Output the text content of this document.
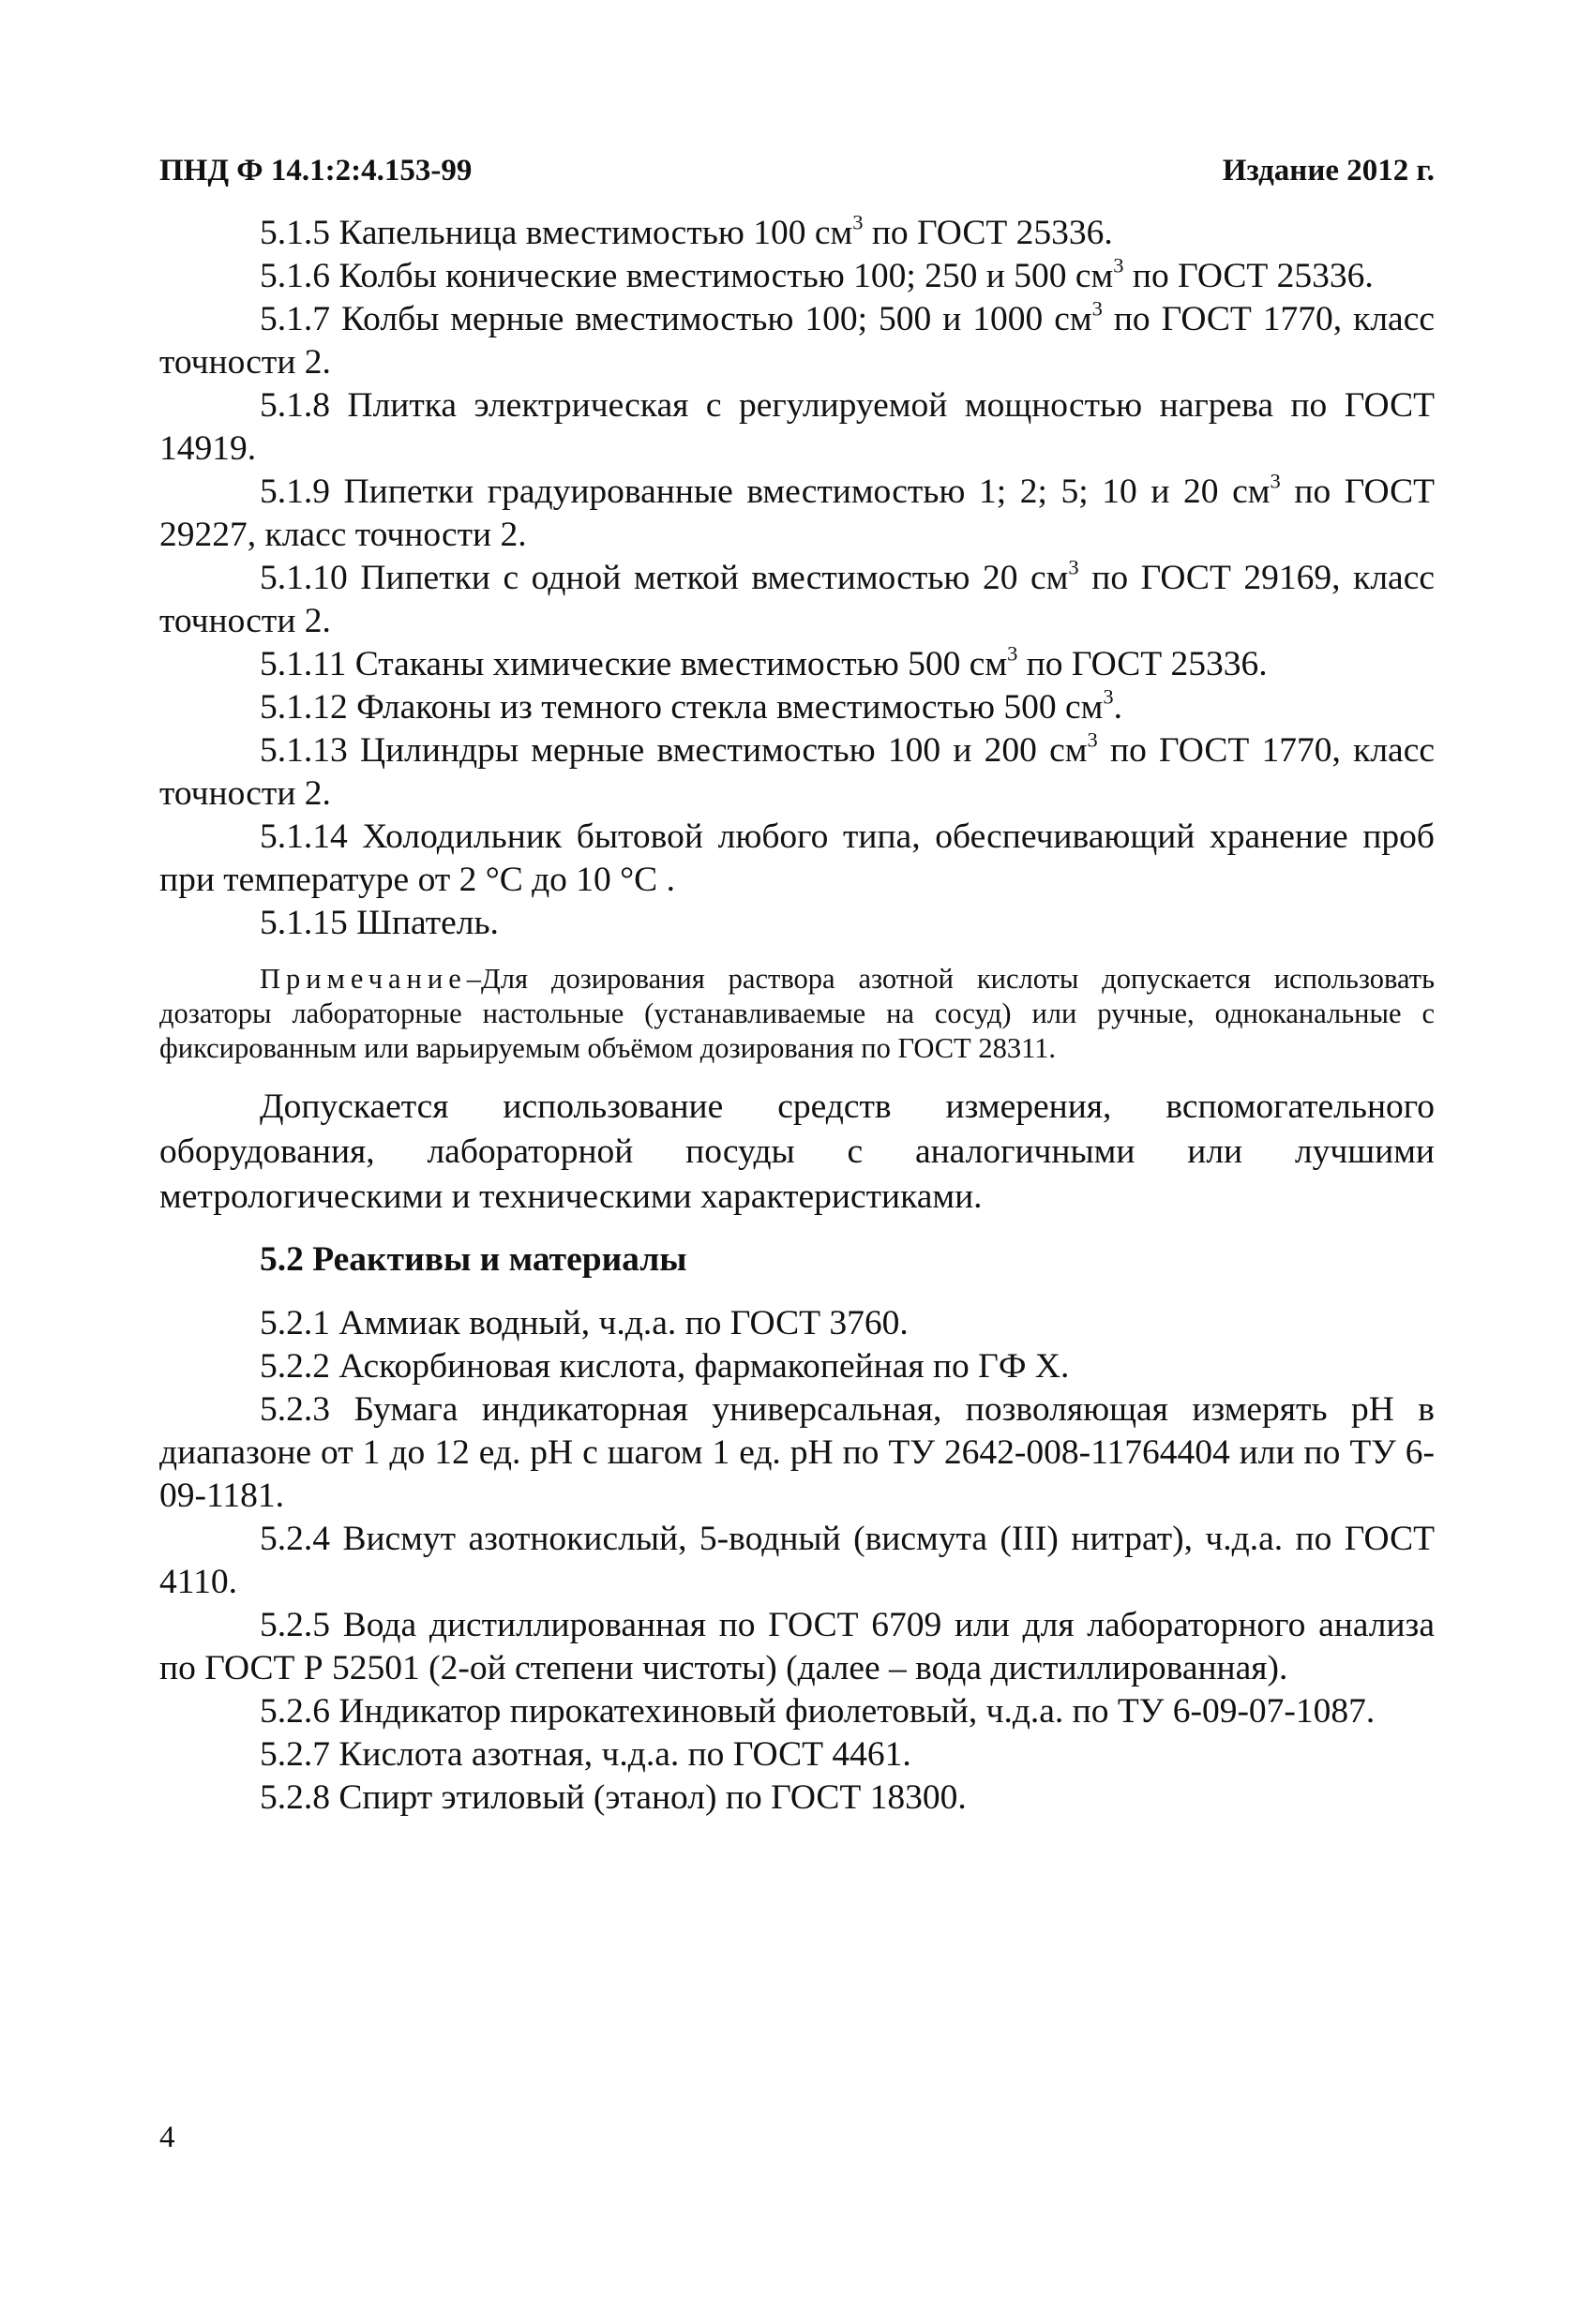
ПНД Ф 14.1:2:4.153-99	Издание 2012 г.

5.1.5 Капельница вместимостью 100 $см^3$ по ГОСТ 25336.

5.1.6 Колбы конические вместимостью 100; 250 и 500 $см^3$ по ГОСТ 25336.

5.1.7 Колбы мерные вместимостью 100; 500 и 1000 $см^3$ по ГОСТ 1770, класс точности 2.

5.1.8 Плитка электрическая с регулируемой мощностью нагрева по ГОСТ 14919.

5.1.9 Пипетки градуированные вместимостью 1; 2; 5; 10 и 20 $см^3$ по ГОСТ 29227, класс точности 2.

5.1.10 Пипетки с одной меткой вместимостью 20 $см^3$ по ГОСТ 29169, класс точности 2.

5.1.11 Стаканы химические вместимостью 500 $см^3$ по ГОСТ 25336.

5.1.12 Флаконы из темного стекла вместимостью 500 $см^3$.

5.1.13 Цилиндры мерные вместимостью 100 и 200 $см^3$ по ГОСТ 1770, класс точности 2.

5.1.14 Холодильник бытовой любого типа, обеспечивающий хранение проб при температуре от 2 °С до 10 °С .

5.1.15 Шпатель.

Примечание–Для дозирования раствора азотной кислоты допускается использовать дозаторы лабораторные настольные (устанавливаемые на сосуд) или ручные, одноканальные с фиксированным или варьируемым объёмом дозирования по ГОСТ 28311.

Допускается использование средств измерения, вспомогательного оборудования, лабораторной посуды с аналогичными или лучшими метрологическими и техническими характеристиками.

5.2 Реактивы и материалы

5.2.1 Аммиак водный, ч.д.а. по ГОСТ 3760.

5.2.2 Аскорбиновая кислота, фармакопейная по ГФ X.

5.2.3 Бумага индикаторная универсальная, позволяющая измерять рН в диапазоне от 1 до 12 ед. рН с шагом 1 ед. рН по ТУ 2642-008-11764404 или по ТУ 6-09-1181.

5.2.4 Висмут азотнокислый, 5-водный (висмута (III) нитрат), ч.д.а. по ГОСТ 4110.

5.2.5 Вода дистиллированная по ГОСТ 6709 или для лабораторного анализа по ГОСТ Р 52501 (2-ой степени чистоты) (далее – вода дистиллированная).

5.2.6 Индикатор пирокатехиновый фиолетовый, ч.д.а. по ТУ 6-09-07-1087.

5.2.7 Кислота азотная, ч.д.а. по ГОСТ 4461.

5.2.8 Спирт этиловый (этанол) по ГОСТ 18300.

4
